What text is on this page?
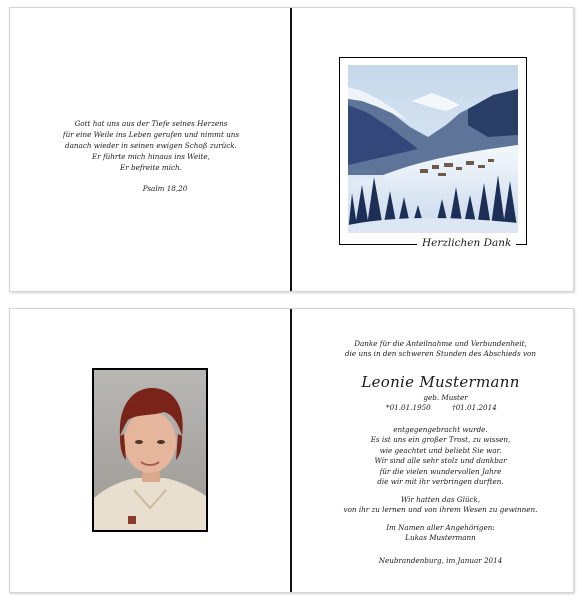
Gott hat uns aus der Tiefe seines Herzens
für eine Weile ins Leben gerufen und nimmt uns
danach wieder in seinen ewigen Schoß zurück.
Er führte mich hinaus ins Weite,
Er befreite mich.
Psalm 18,20
Herzlichen Dank
Danke für die Anteilnahme und Verbundenheit,
die uns in den schweren Stunden des Abschieds von
Leonie Mustermann
geb. Muster
*01.01.1950	†01.01.2014
entgegengebracht wurde.
Es ist uns ein großer Trost, zu wissen,
wie geachtet und beliebt Sie war.
Wir sind alle sehr stolz und dankbar
für die vielen wundervollen Jahre
die wir mit ihr verbringen durften.
Wir hatten das Glück,
von ihr zu lernen und von ihrem Wesen zu gewinnen.
Im Namen aller Angehörigen:
Lukas Mustermann
Neubrandenburg, im Januar 2014
